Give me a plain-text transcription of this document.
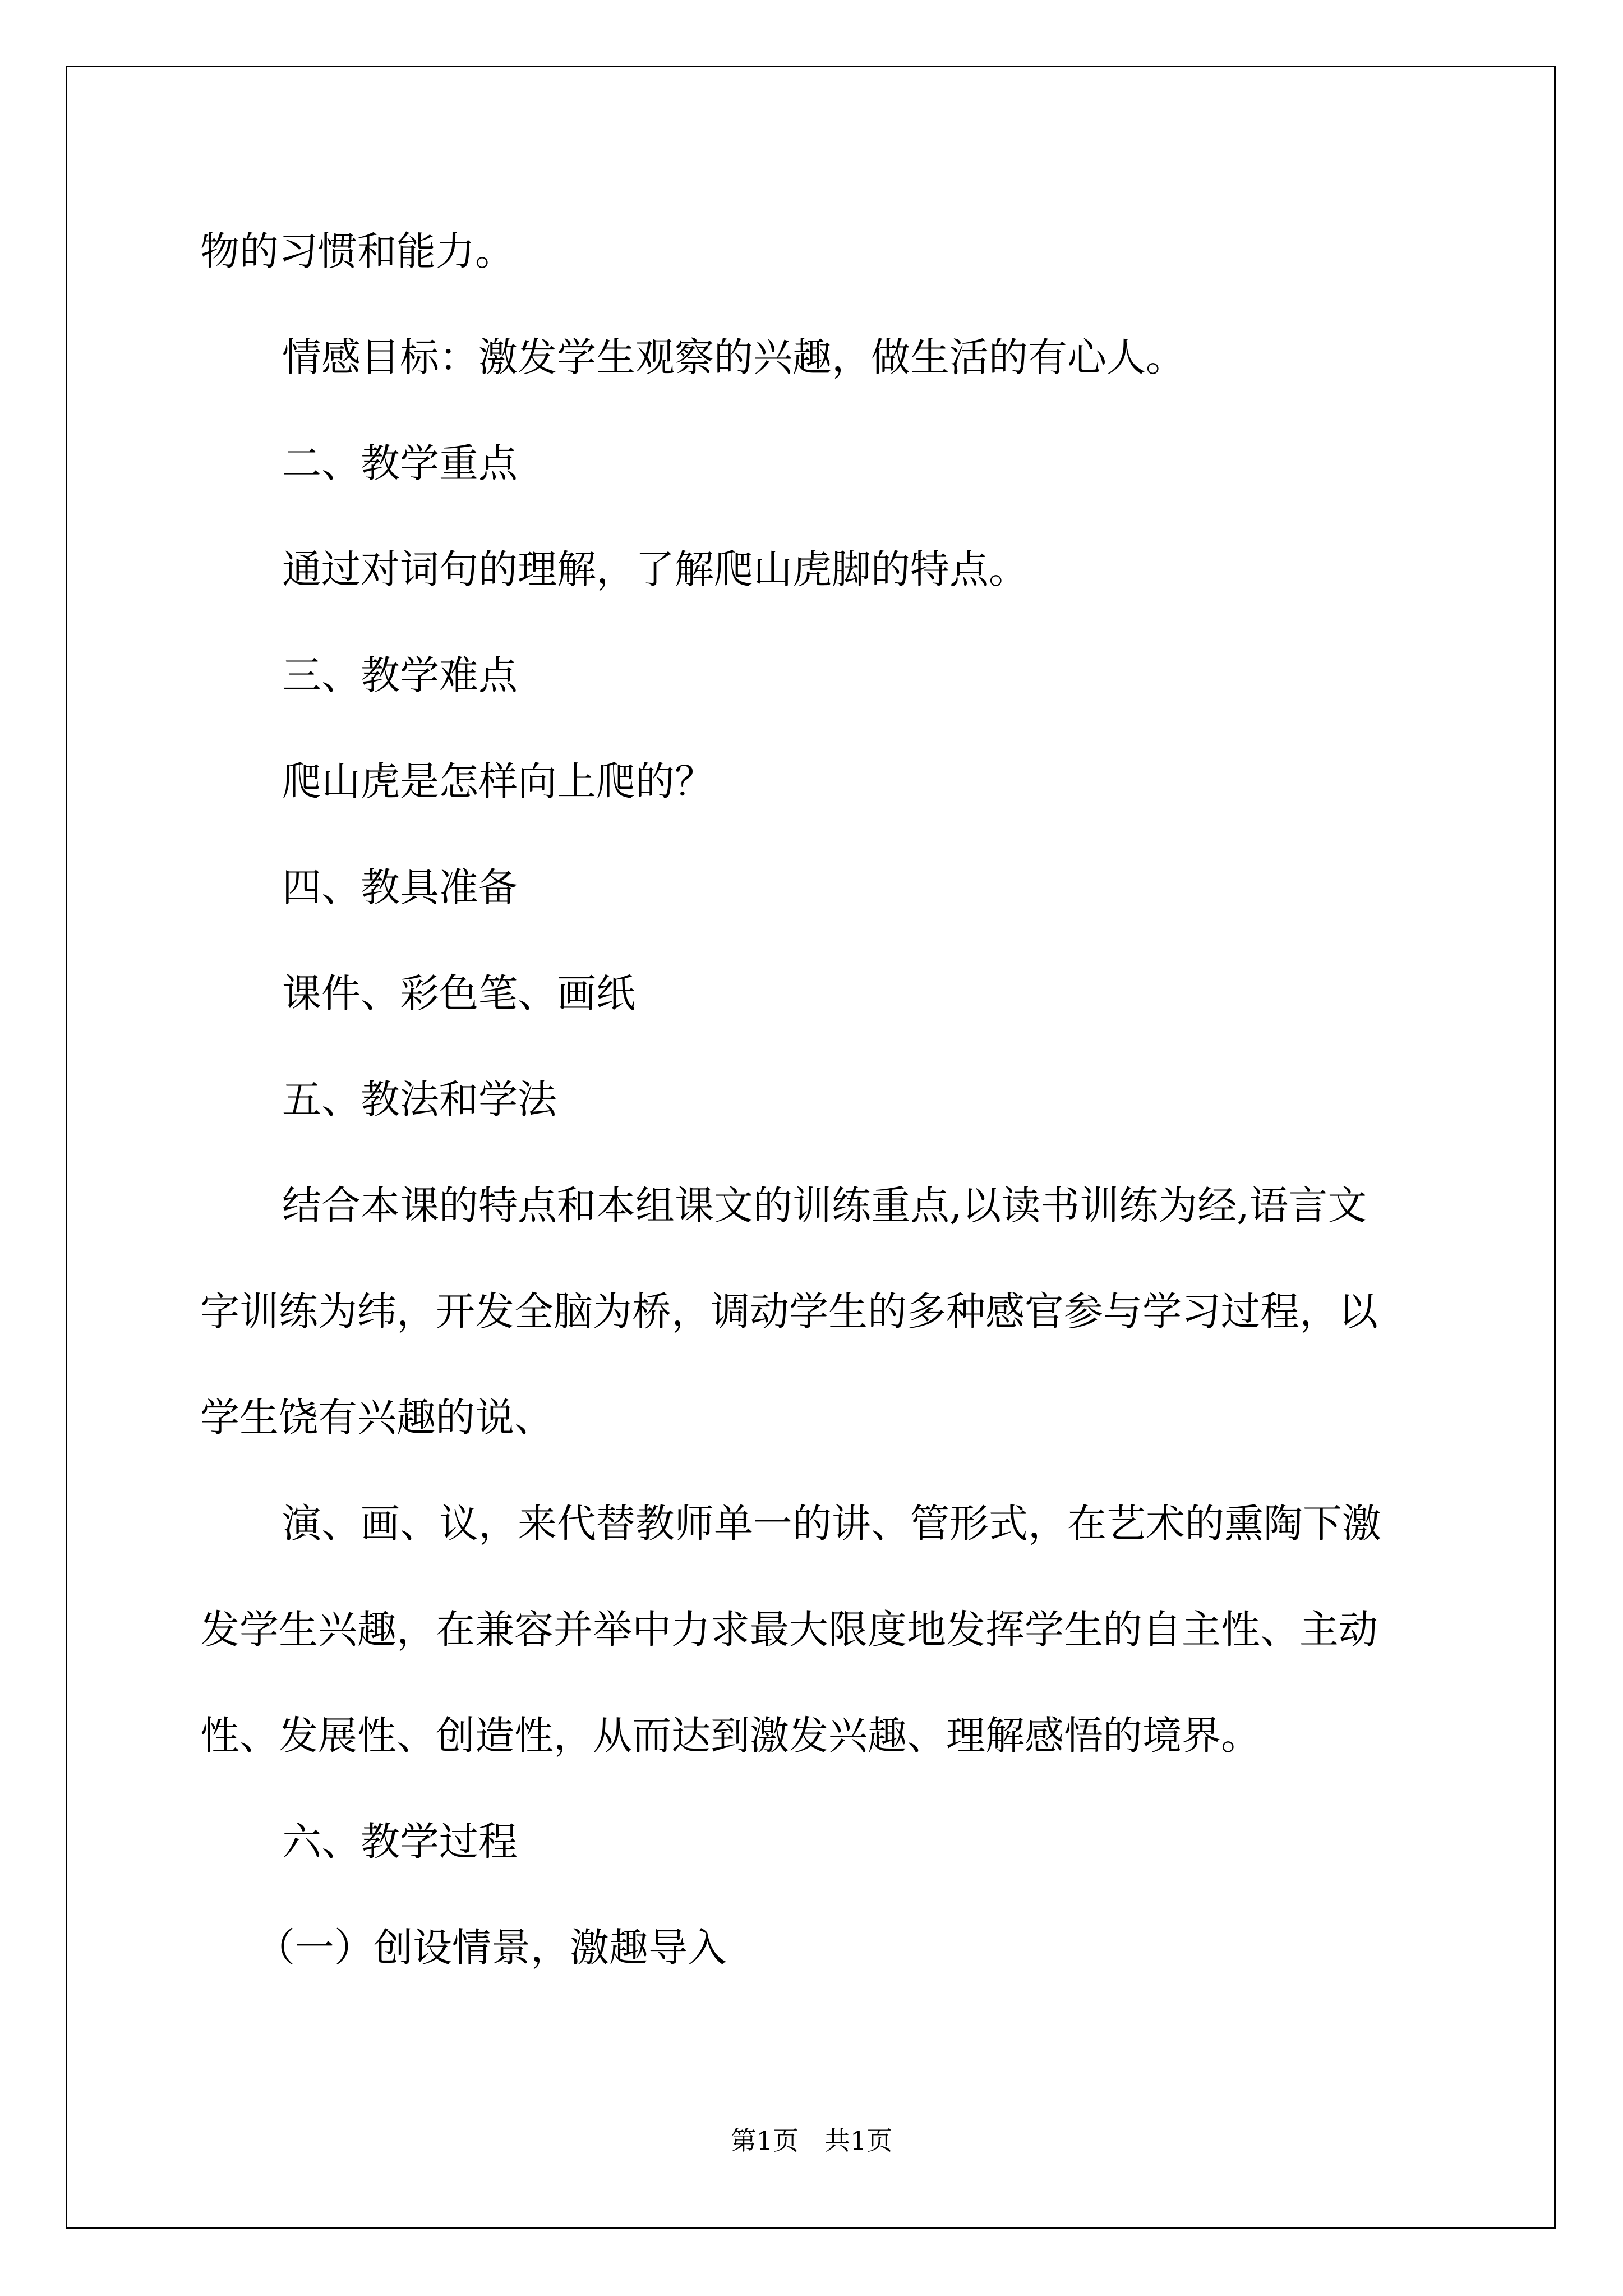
物的习惯和能力。
情感目标：激发学生观察的兴趣，做生活的有心人。
二、教学重点
通过对词句的理解，了解爬山虎脚的特点。
三、教学难点
爬山虎是怎样向上爬的？
四、教具准备
课件、彩色笔、画纸
五、教法和学法
结合本课的特点和本组课文的训练重点,以读书训练为经,语言文
字训练为纬，开发全脑为桥，调动学生的多种感官参与学习过程，以
学生饶有兴趣的说、
演、画、议，来代替教师单一的讲、管形式，在艺术的熏陶下激
发学生兴趣，在兼容并举中力求最大限度地发挥学生的自主性、主动
性、发展性、创造性，从而达到激发兴趣、理解感悟的境界。
六、教学过程
（一）创设情景，激趣导入
第1页　共1页
